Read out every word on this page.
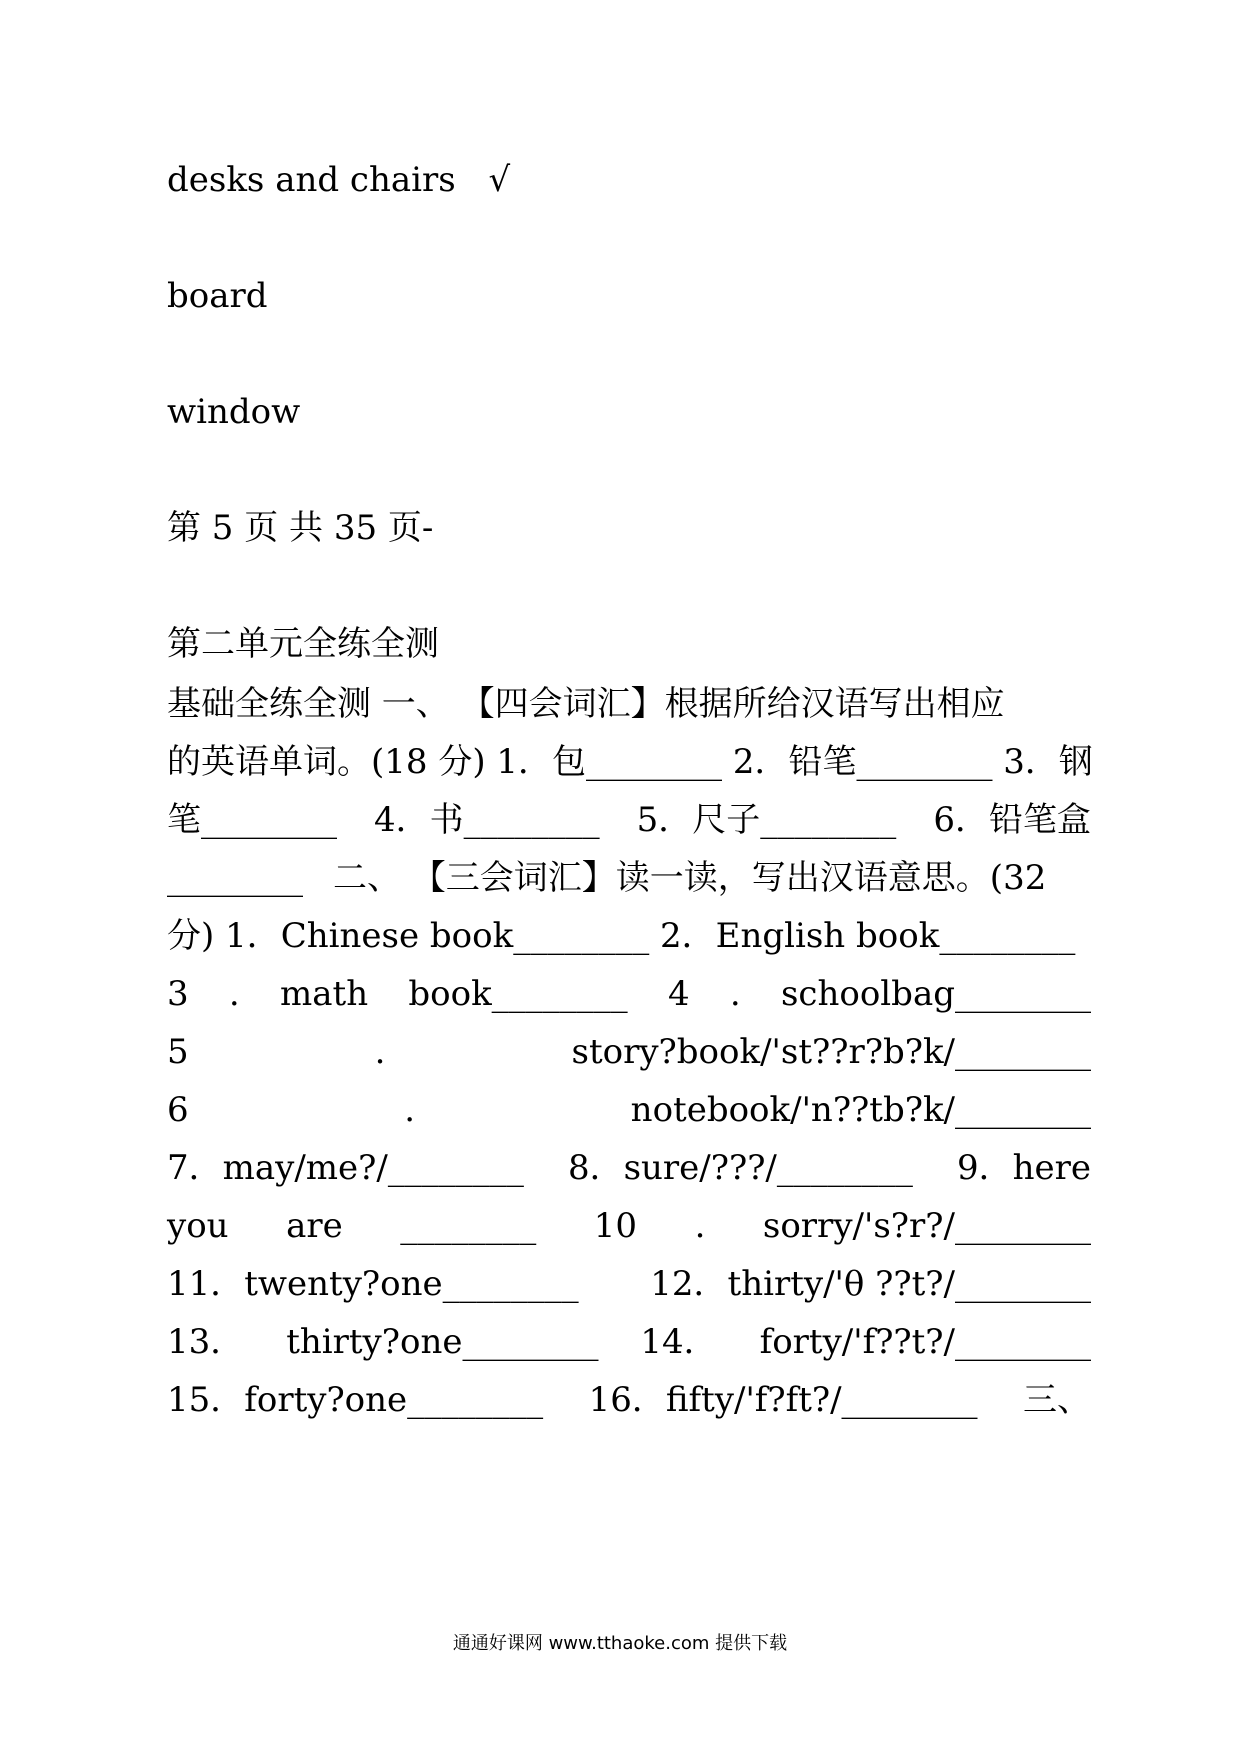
desks and chairs √
board
window
第 5 页 共 35 页-
第二单元全练全测
基础全练全测 一、 【四会词汇】根据所给汉语写出相应
的英语单词。(18 分) 1．包________ 2．铅笔________ 3．钢
笔________ 4．书________ 5．尺子________ 6．铅笔盒
________ 二、 【三会词汇】读一读，写出汉语意思。(32
分) 1．Chinese book________ 2．English book________
3 . math book________ 4 . schoolbag________
5	.	story?book/'st??r?b?k/________
6	.	notebook/'n??tb?k/________
7．may/me?/________ 8．sure/???/________ 9．here
you are ________ 10 . sorry/'s?r?/________
11．twenty?one________ 12．thirty/'θ ??t?/________
13． thirty?one________ 14． forty/'f??t?/________
15．forty?one________ 16．fifty/'f?ft?/________ 三、
通通好课网 www.tthaoke.com 提供下载
